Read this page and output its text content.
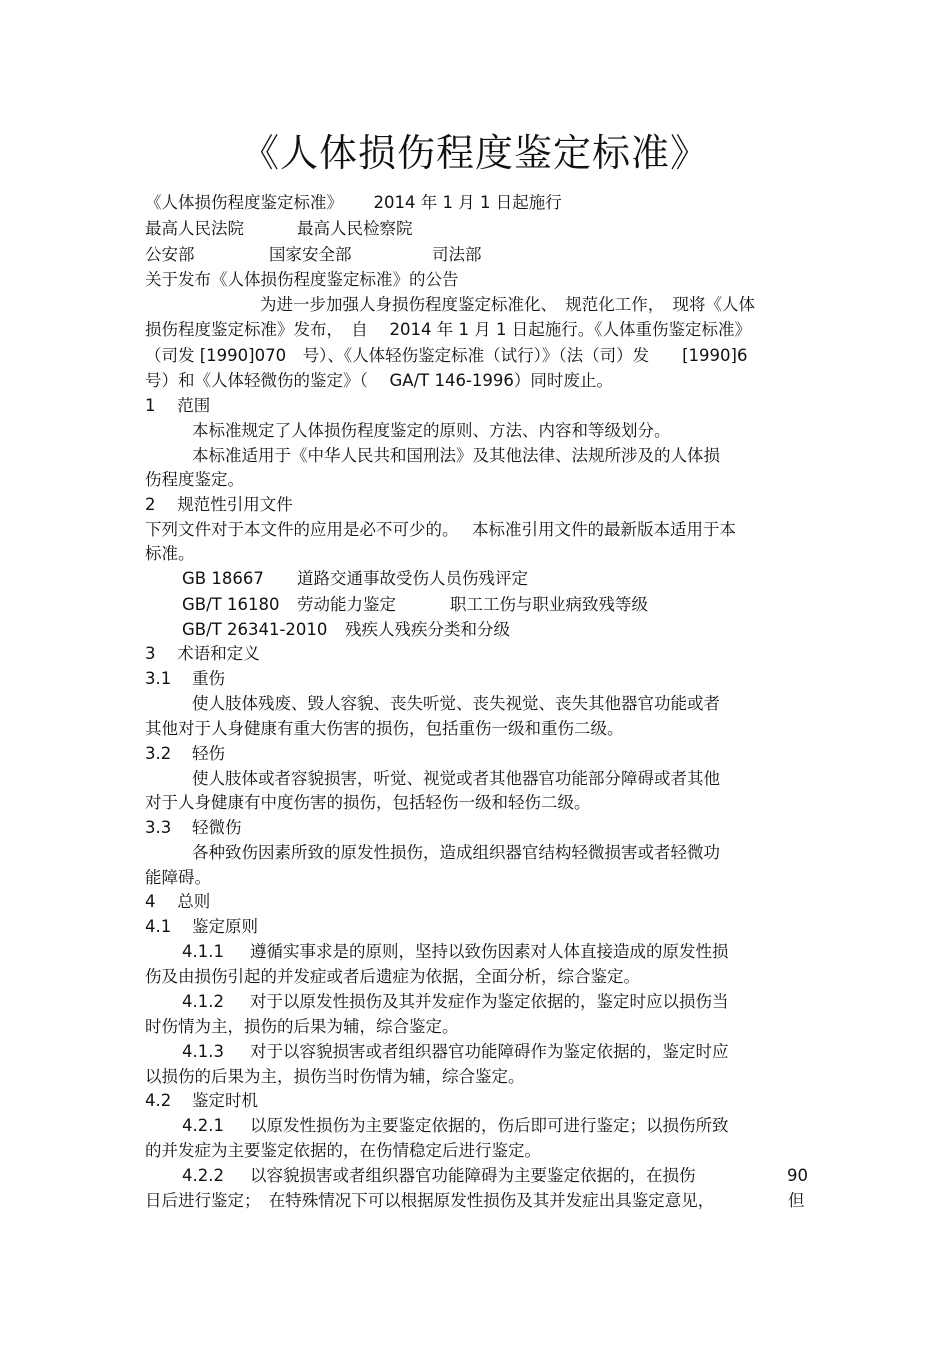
《人体损伤程度鉴定标准》
《人体损伤程度鉴定标准》 2014 年 1 月 1 日起施行
最高人民法院	最高人民检察院
公安部	国家安全部	司法部
关于发布《人体损伤程度鉴定标准》的公告
为进一步加强人身损伤程度鉴定标准化、　规范化工作，　现将《人体
损伤程度鉴定标准》发布，　自　 2014 年 1 月 1 日起施行。《人体重伤鉴定标准》
（司发 [1990]070　号）、《人体轻伤鉴定标准（试行）》（法（司）发　　[1990]6
号）和《人体轻微伤的鉴定》（　 GA/T 146-1996）同时废止。
1　 范围
本标准规定了人体损伤程度鉴定的原则、方法、内容和等级划分。
本标准适用于《中华人民共和国刑法》及其他法律、法规所涉及的人体损
伤程度鉴定。
2　 规范性引用文件
下列文件对于本文件的应用是必不可少的。　 本标准引用文件的最新版本适用于本
标准。
GB 18667 道路交通事故受伤人员伤残评定
GB/T 16180 劳动能力鉴定	职工工伤与职业病致残等级
GB/T 26341-2010 残疾人残疾分类和分级
3　 术语和定义
3.1 重伤
使人肢体残废、毁人容貌、丧失听觉、丧失视觉、丧失其他器官功能或者
其他对于人身健康有重大伤害的损伤，包括重伤一级和重伤二级。
3.2 轻伤
使人肢体或者容貌损害，听觉、视觉或者其他器官功能部分障碍或者其他
对于人身健康有中度伤害的损伤，包括轻伤一级和轻伤二级。
3.3 轻微伤
各种致伤因素所致的原发性损伤，造成组织器官结构轻微损害或者轻微功
能障碍。
4　 总则
4.1 鉴定原则
4.1.1 遵循实事求是的原则，坚持以致伤因素对人体直接造成的原发性损
伤及由损伤引起的并发症或者后遗症为依据，全面分析，综合鉴定。
4.1.2 对于以原发性损伤及其并发症作为鉴定依据的，鉴定时应以损伤当
时伤情为主，损伤的后果为辅，综合鉴定。
4.1.3 对于以容貌损害或者组织器官功能障碍作为鉴定依据的，鉴定时应
以损伤的后果为主，损伤当时伤情为辅，综合鉴定。
4.2 鉴定时机
4.2.1 以原发性损伤为主要鉴定依据的，伤后即可进行鉴定；以损伤所致
的并发症为主要鉴定依据的，在伤情稳定后进行鉴定。
4.2.2 以容貌损害或者组织器官功能障碍为主要鉴定依据的，在损伤	90
日后进行鉴定；　在特殊情况下可以根据原发性损伤及其并发症出具鉴定意见，	但
